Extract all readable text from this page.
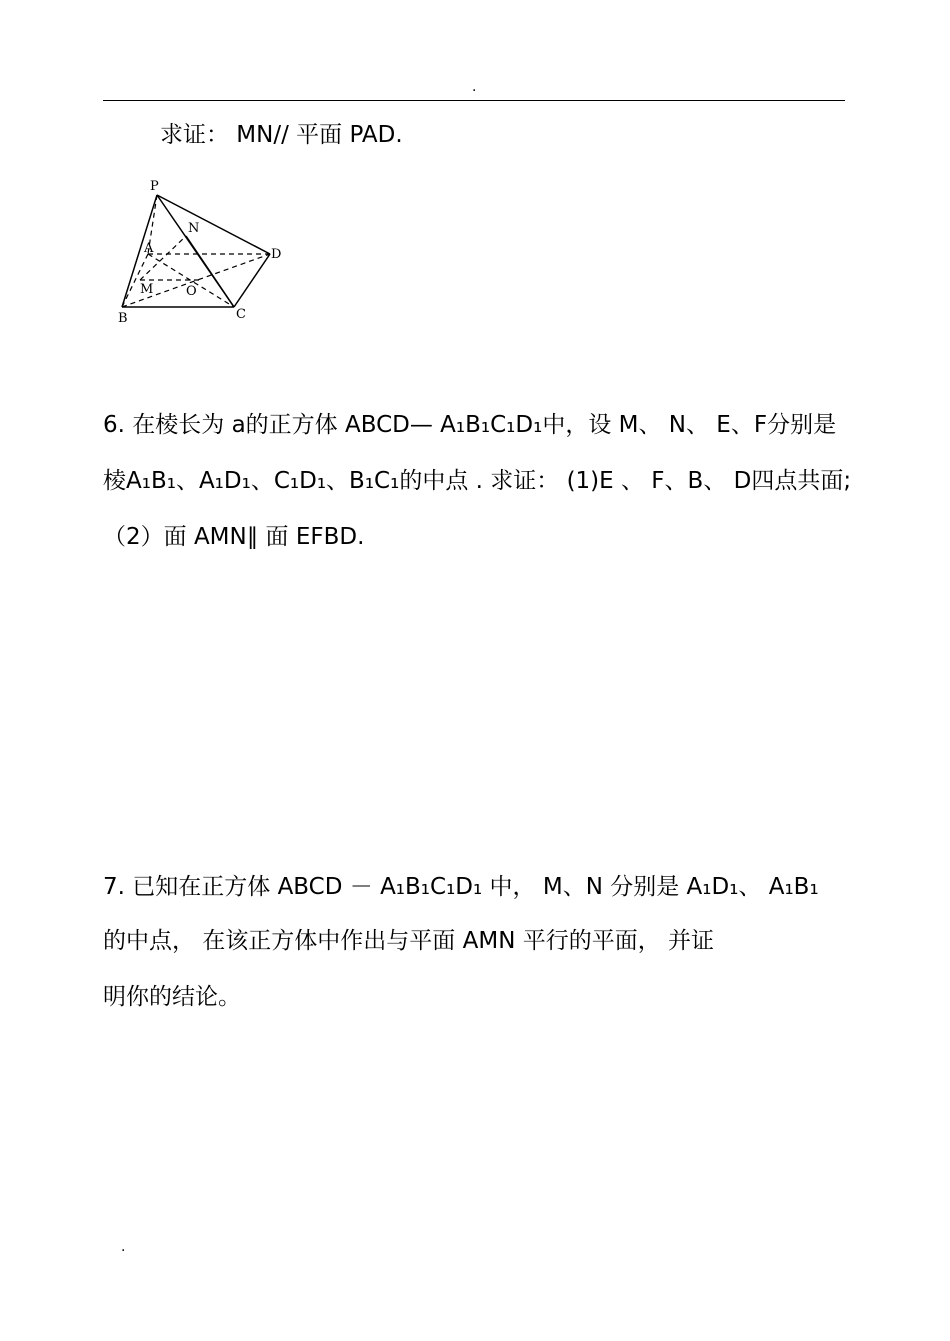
.
求证： MN// 平面 PAD.
P
N
A	D
M	O
B	C
6. 在棱长为 a的正方体 ABCD— A₁B₁C₁D₁中，设 M、 N、 E、F分别是
棱A₁B₁、A₁D₁、C₁D₁、B₁C₁的中点 . 求证： (1)E 、 F、B、 D四点共面;
（2）面 AMN∥ 面 EFBD.
7. 已知在正方体 ABCD － A₁B₁C₁D₁ 中， M、N 分别是 A₁D₁、 A₁B₁
的中点， 在该正方体中作出与平面 AMN 平行的平面， 并证
明你的结论。
.
